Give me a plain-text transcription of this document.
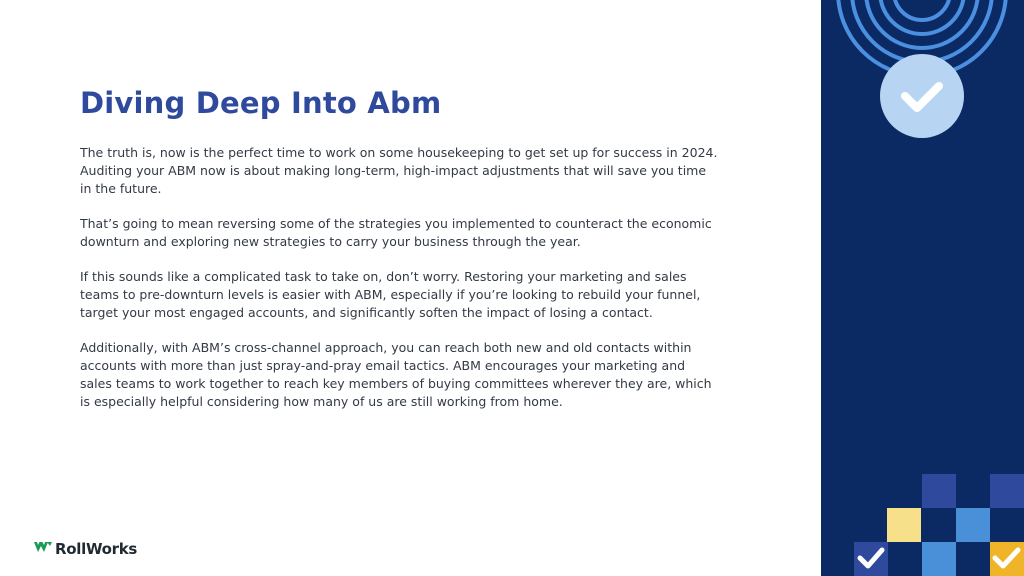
Diving Deep Into Abm

The truth is, now is the perfect time to work on some housekeeping to get set up for success in 2024. Auditing your ABM now is about making long-term, high-impact adjustments that will save you time in the future.

That’s going to mean reversing some of the strategies you implemented to counteract the economic downturn and exploring new strategies to carry your business through the year.

If this sounds like a complicated task to take on, don’t worry. Restoring your marketing and sales teams to pre-downturn levels is easier with ABM, especially if you’re looking to rebuild your funnel, target your most engaged accounts, and significantly soften the impact of losing a contact.

Additionally, with ABM’s cross-channel approach, you can reach both new and old contacts within accounts with more than just spray-and-pray email tactics. ABM encourages your marketing and sales teams to work together to reach key members of buying committees wherever they are, which is especially helpful considering how many of us are still working from home.

RollWorks
